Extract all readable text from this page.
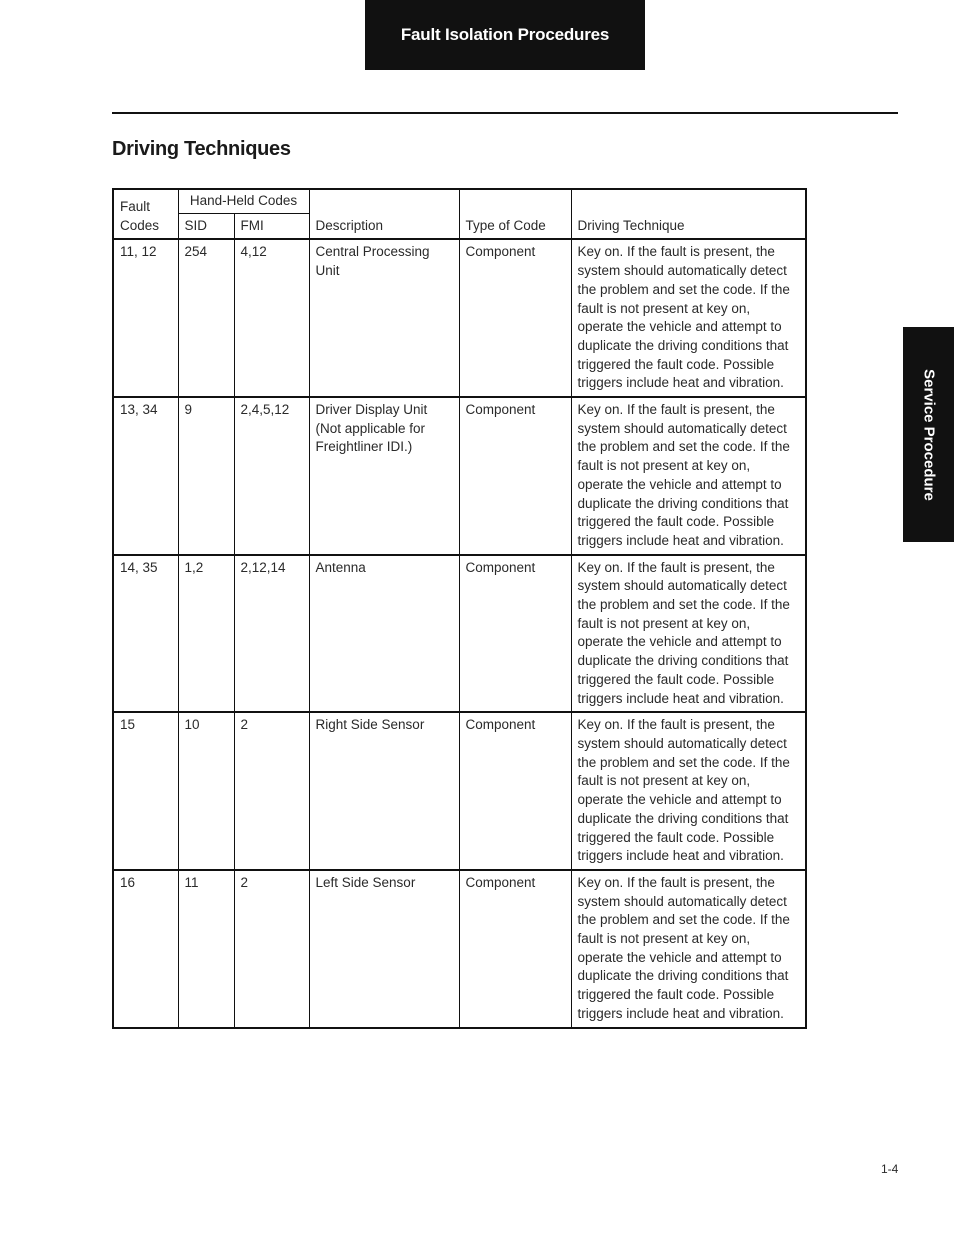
Fault Isolation Procedures
Driving Techniques
Service Procedure
Fault Codes	Hand-Held Codes		Description	Type of Code	Driving Technique
	SID	FMI			
11, 12	254	4,12	Central Processing Unit	Component	Key on. If the fault is present, the system should automatically detect the problem and set the code. If the fault is not present at key on, operate the vehicle and attempt to duplicate the driving conditions that triggered the fault code. Possible triggers include heat and vibration.
13, 34	9	2,4,5,12	Driver Display Unit (Not applicable for Freightliner IDI.)	Component	Key on. If the fault is present, the system should automatically detect the problem and set the code. If the fault is not present at key on, operate the vehicle and attempt to duplicate the driving conditions that triggered the fault code. Possible triggers include heat and vibration.
14, 35	1,2	2,12,14	Antenna	Component	Key on. If the fault is present, the system should automatically detect the problem and set the code. If the fault is not present at key on, operate the vehicle and attempt to duplicate the driving conditions that triggered the fault code. Possible triggers include heat and vibration.
15	10	2	Right Side Sensor	Component	Key on. If the fault is present, the system should automatically detect the problem and set the code. If the fault is not present at key on, operate the vehicle and attempt to duplicate the driving conditions that triggered the fault code. Possible triggers include heat and vibration.
16	11	2	Left Side Sensor	Component	Key on. If the fault is present, the system should automatically detect the problem and set the code. If the fault is not present at key on, operate the vehicle and attempt to duplicate the driving conditions that triggered the fault code. Possible triggers include heat and vibration.
1-4
